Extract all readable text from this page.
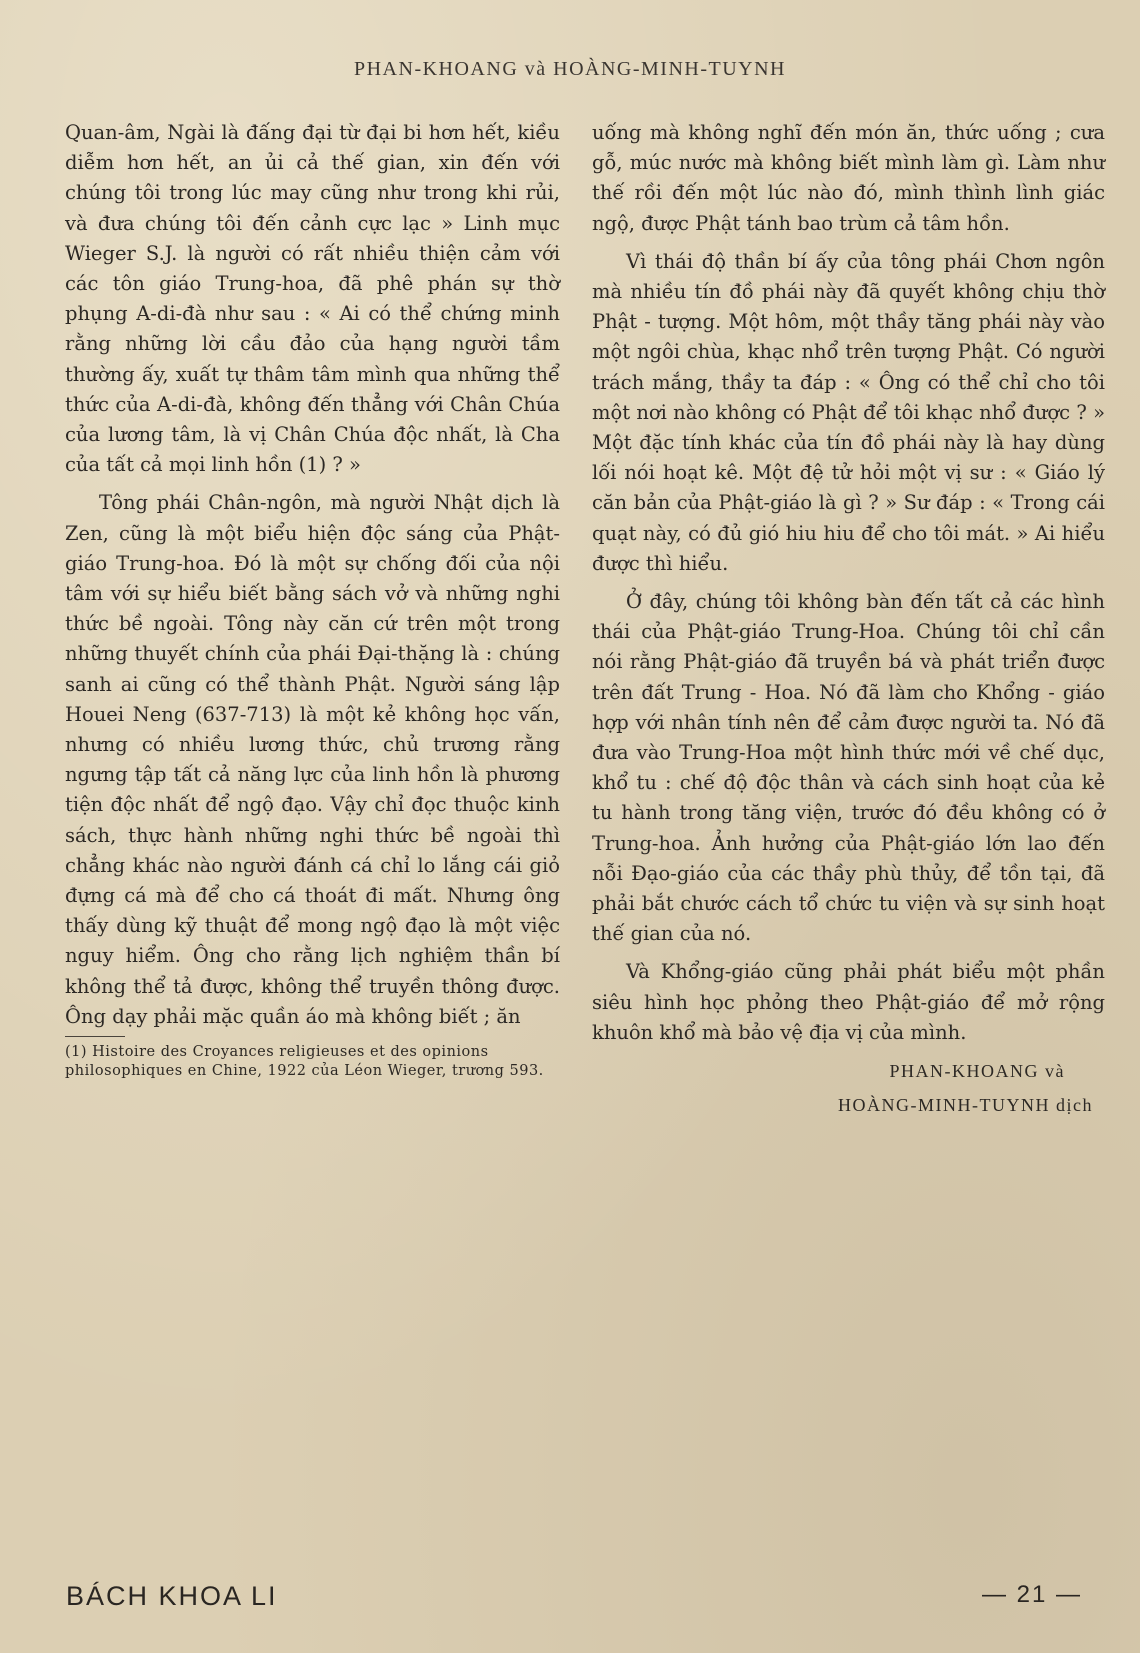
PHAN-KHOANG và HOÀNG-MINH-TUYNH

Quan-âm, Ngài là đấng đại từ đại bi hơn hết, kiều diễm hơn hết, an ủi cả thế gian, xin đến với chúng tôi trong lúc may cũng như trong khi rủi, và đưa chúng tôi đến cảnh cực lạc » Linh mục Wieger S.J. là người có rất nhiều thiện cảm với các tôn giáo Trung-hoa, đã phê phán sự thờ phụng A-di-đà như sau : « Ai có thể chứng minh rằng những lời cầu đảo của hạng người tầm thường ấy, xuất tự thâm tâm mình qua những thể thức của A-di-đà, không đến thẳng với Chân Chúa của lương tâm, là vị Chân Chúa độc nhất, là Cha của tất cả mọi linh hồn (1) ? »

Tông phái Chân-ngôn, mà người Nhật dịch là Zen, cũng là một biểu hiện độc sáng của Phật-giáo Trung-hoa. Đó là một sự chống đối của nội tâm với sự hiểu biết bằng sách vở và những nghi thức bề ngoài. Tông này căn cứ trên một trong những thuyết chính của phái Đại-thặng là : chúng sanh ai cũng có thể thành Phật. Người sáng lập Houei Neng (637-713) là một kẻ không học vấn, nhưng có nhiều lương thức, chủ trương rằng ngưng tập tất cả năng lực của linh hồn là phương tiện độc nhất để ngộ đạo. Vậy chỉ đọc thuộc kinh sách, thực hành những nghi thức bề ngoài thì chẳng khác nào người đánh cá chỉ lo lắng cái giỏ đựng cá mà để cho cá thoát đi mất. Nhưng ông thấy dùng kỹ thuật để mong ngộ đạo là một việc nguy hiểm. Ông cho rằng lịch nghiệm thần bí không thể tả được, không thể truyền thông được. Ông dạy phải mặc quần áo mà không biết ; ăn

(1) Histoire des Croyances religieuses et des opinions philosophiques en Chine, 1922 của Léon Wieger, trương 593.

uống mà không nghĩ đến món ăn, thức uống ; cưa gỗ, múc nước mà không biết mình làm gì. Làm như thế rồi đến một lúc nào đó, mình thình lình giác ngộ, được Phật tánh bao trùm cả tâm hồn.

Vì thái độ thần bí ấy của tông phái Chơn ngôn mà nhiều tín đồ phái này đã quyết không chịu thờ Phật - tượng. Một hôm, một thầy tăng phái này vào một ngôi chùa, khạc nhổ trên tượng Phật. Có người trách mắng, thầy ta đáp : « Ông có thể chỉ cho tôi một nơi nào không có Phật để tôi khạc nhổ được ? » Một đặc tính khác của tín đồ phái này là hay dùng lối nói hoạt kê. Một đệ tử hỏi một vị sư : « Giáo lý căn bản của Phật-giáo là gì ? » Sư đáp : « Trong cái quạt này, có đủ gió hiu hiu để cho tôi mát. » Ai hiểu được thì hiểu.

Ở đây, chúng tôi không bàn đến tất cả các hình thái của Phật-giáo Trung-Hoa. Chúng tôi chỉ cần nói rằng Phật-giáo đã truyền bá và phát triển được trên đất Trung - Hoa. Nó đã làm cho Khổng - giáo hợp với nhân tính nên để cảm được người ta. Nó đã đưa vào Trung-Hoa một hình thức mới về chế dục, khổ tu : chế độ độc thân và cách sinh hoạt của kẻ tu hành trong tăng viện, trước đó đều không có ở Trung-hoa. Ảnh hưởng của Phật-giáo lớn lao đến nỗi Đạo-giáo của các thầy phù thủy, để tồn tại, đã phải bắt chước cách tổ chức tu viện và sự sinh hoạt thế gian của nó.

Và Khổng-giáo cũng phải phát biểu một phần siêu hình học phỏng theo Phật-giáo để mở rộng khuôn khổ mà bảo vệ địa vị của mình.

PHAN-KHOANG và
HOÀNG-MINH-TUYNH dịch
BÁCH KHOA LI	— 21 —
